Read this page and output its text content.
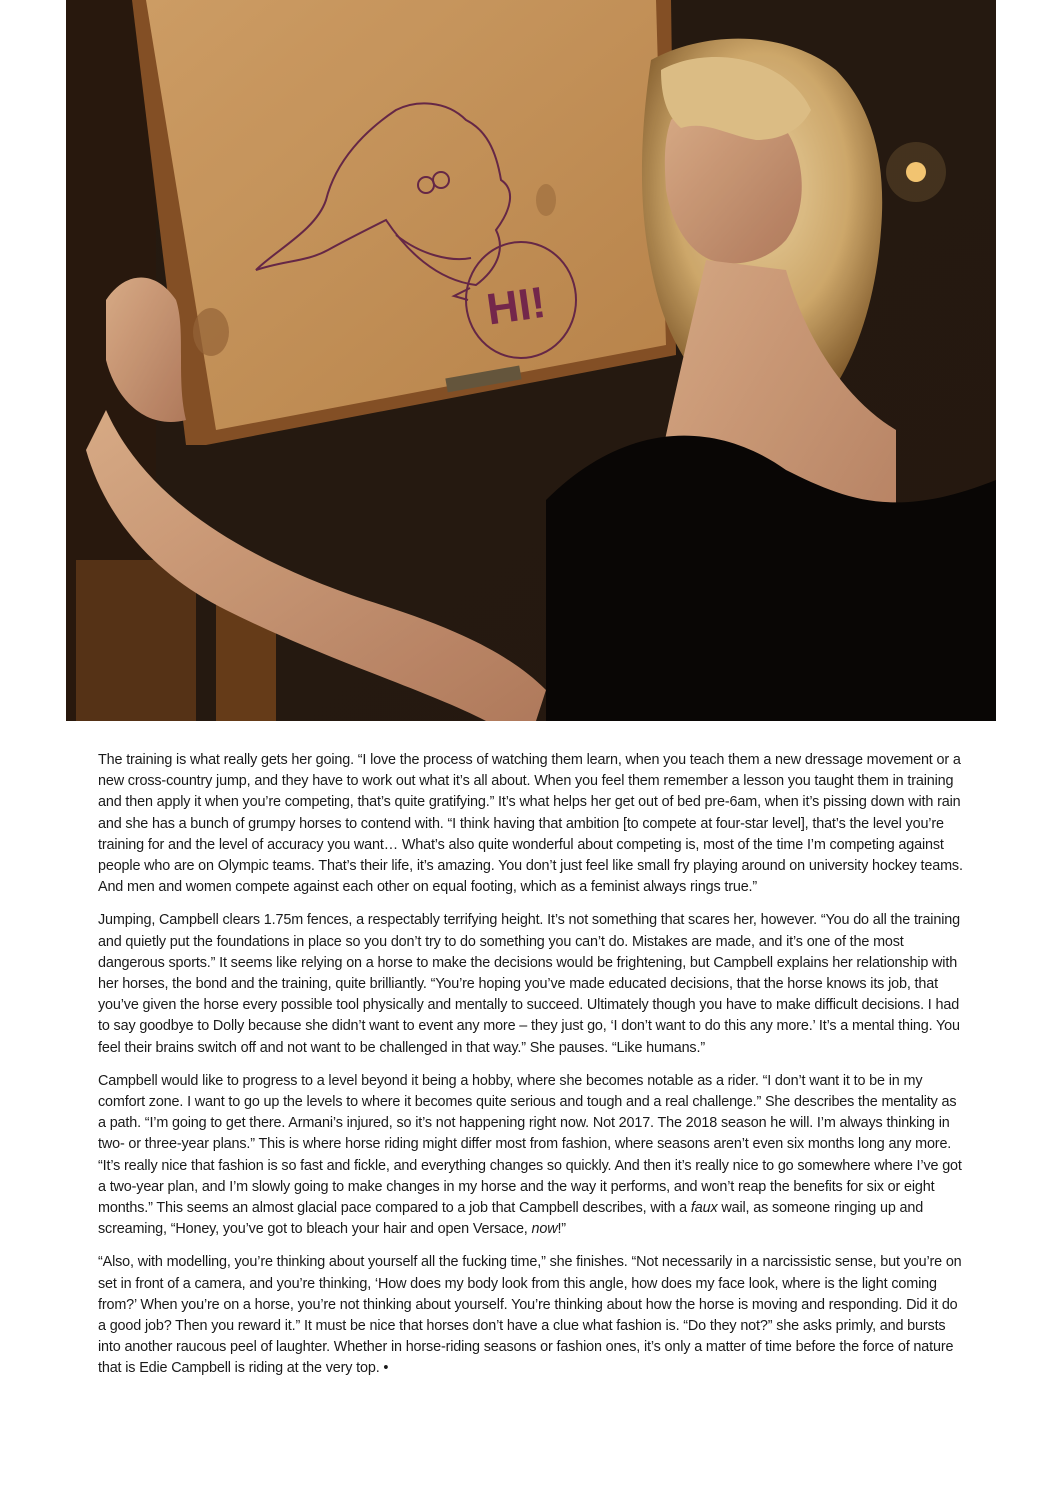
HI!

The training is what really gets her going. “I love the process of watching them learn, when you teach them a new dressage movement or a new cross-country jump, and they have to work out what it’s all about. When you feel them remember a lesson you taught them in training and then apply it when you’re competing, that’s quite gratifying.” It’s what helps her get out of bed pre-6am, when it’s pissing down with rain and she has a bunch of grumpy horses to contend with. “I think having that ambition [to compete at four-star level], that’s the level you’re training for and the level of accuracy you want… What’s also quite wonderful about competing is, most of the time I’m competing against people who are on Olympic teams. That’s their life, it’s amazing. You don’t just feel like small fry playing around on university hockey teams. And men and women compete against each other on equal footing, which as a feminist always rings true.”

Jumping, Campbell clears 1.75m fences, a respectably terrifying height. It’s not something that scares her, however. “You do all the training and quietly put the foundations in place so you don’t try to do something you can’t do. Mistakes are made, and it’s one of the most dangerous sports.” It seems like relying on a horse to make the decisions would be frightening, but Campbell explains her relationship with her horses, the bond and the training, quite brilliantly. “You’re hoping you’ve made educated decisions, that the horse knows its job, that you’ve given the horse every possible tool physically and mentally to succeed. Ultimately though you have to make difficult decisions. I had to say goodbye to Dolly because she didn’t want to event any more – they just go, ‘I don’t want to do this any more.’ It’s a mental thing. You feel their brains switch off and not want to be challenged in that way.” She pauses. “Like humans.”

Campbell would like to progress to a level beyond it being a hobby, where she becomes notable as a rider. “I don’t want it to be in my comfort zone. I want to go up the levels to where it becomes quite serious and tough and a real challenge.” She describes the mentality as a path. “I’m going to get there. Armani’s injured, so it’s not happening right now. Not 2017. The 2018 season he will. I’m always thinking in two- or three-year plans.” This is where horse riding might differ most from fashion, where seasons aren’t even six months long any more. “It’s really nice that fashion is so fast and fickle, and everything changes so quickly. And then it’s really nice to go somewhere where I’ve got a two-year plan, and I’m slowly going to make changes in my horse and the way it performs, and won’t reap the benefits for six or eight months.” This seems an almost glacial pace compared to a job that Campbell describes, with a faux wail, as someone ringing up and screaming, “Honey, you’ve got to bleach your hair and open Versace, now!”

“Also, with modelling, you’re thinking about yourself all the fucking time,” she finishes. “Not necessarily in a narcissistic sense, but you’re on set in front of a camera, and you’re thinking, ‘How does my body look from this angle, how does my face look, where is the light coming from?’ When you’re on a horse, you’re not thinking about yourself. You’re thinking about how the horse is moving and responding. Did it do a good job? Then you reward it.” It must be nice that horses don’t have a clue what fashion is. “Do they not?” she asks primly, and bursts into another raucous peel of laughter. Whether in horse-riding seasons or fashion ones, it’s only a matter of time before the force of nature that is Edie Campbell is riding at the very top. •
